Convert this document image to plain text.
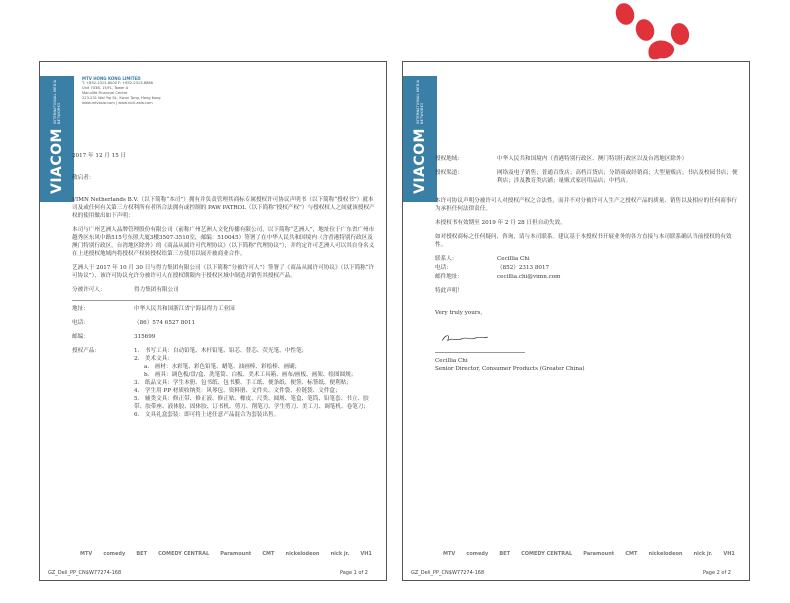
VIACOM
INTERNATIONAL MEDIA NETWORKS
MTV HONG KONG LIMITED
T: +852-2313-8000 F: +852-2313-8888
Unit 703B, 15/FL, Tower A
Manulife Financial Centre
223-231 Wai Yip St., Kwun Tong, Hong Kong
www.mtvasia.com | www.nick-asia.com

2017 年 12 月 15 日

敬启者：

VIMN Netherlands B.V.（以下简称“本司”）拥有并负责管理其商标专属授权许可协议声明书（以下简称“授权书”）就本司及或任何有关第三方权利所有者所合法拥有或控制的 PAW PATROL（以下简称“授权产权”）与授权权人之间就该授权产权的使用做出如下声明：

本司与广州艺洲人品牌管理股份有限公司（前称广州艺洲人文化传播有限公司，以下简称“艺洲人”，地址位于广东省广州市越秀区东风中路515号东照大厦3楼3507-3510室，邮编：510045）签署了在中华人民共和国境内（含香港特别行政区及澳门特别行政区，台湾地区除外）的《商品从属许可代理协议》（以下简称“代理协议”），并约定许可艺洲人可以其自身名义在上述授权地域内将授权产权转授权给第三方使用以展开被商业合作。

艺洲人于 2017 年 10 月 30 日与得力集团有限公司（以下简称“分被许可人”）签署了《商品从属许可协议》（以下简称“许可协议”），该许可协议允许分被许可人在授权期限内于授权区域中制造并销售其授权产品。

分被许可人：	得力集团有限公司
地址：	中华人民共和国浙江省宁海县得力工业园
电话：	（86）574 6527 8011
邮编：	315699
授权产品：	1.　书写工具：自动铅笔、木杆铅笔、铅芯、替芯、荧光笔、中性笔；
2.　美术文具：
a.　画材：水彩笔、彩色铅笔、蜡笔、油画棒、彩绘棒、画刷；
b.　画具：调色板/盘/盒、洗笔筒、白板、美术工具箱、画布/画板、画架、绘图圆规；
3.　纸品文具：学生本册、包书纸、包书膜、手工纸、便条纸、便签、标签纸、便利贴；
4.　学生用 PP 材质收纳类：风琴包、资料册、文件夹、文件袋、拉链袋、文件盒；
5.　辅类文具：修正带、修正液、修正贴、橡皮、尺类、圆规、笔盒、笔筒、铅笔套、书立、胶带、胶带座、液体胶、固体胶、订书机、剪刀、削笔刀、学生剪刀、美工刀、调笔机、卷笔刀；
6.　文具礼盒套装：即可将上述任意产品混合为套装出售。
MTV comedy BET COMEDY CENTRAL Paramount CMT nickelodeon nick jr. VH1
GZ_Deli_PP_CN$W77274-168	Page 1 of 2
VIACOM
INTERNATIONAL MEDIA NETWORKS
授权地域：	中华人民共和国境内（香港特别行政区、澳门特别行政区以及台湾地区除外）
授权渠道：	网络及电子销售；普通百货店；高档百货店；分销商或经销商；大型量贩店；书店及校园书店；便利店；涉及教育类店铺；量贩式家居用品店；中档店。

本许可协议声明分被许可人对授权产权之合法性，而并不对分被许可人生产之授权产品的质量、销售以及相应的任何商事行为承担任何法律责任。

本授权书有效期至 2019 年 2 月 28 日但自动失效。

如对授权商标之任何疑问、咨询，请与本司联系。建议基于本授权书开展业务的各方直接与本司联系确认当前授权的有效性。

联系人：	Cecillia Chi
电话：	（852）2313 8017
邮件地址：	cecillia.chi@vimn.com

特此声明！

Very truly yours,

Cecillia Chi
Senior Director, Consumer Products (Greater China)
MTV comedy BET COMEDY CENTRAL Paramount CMT nickelodeon nick jr. VH1
GZ_Deli_PP_CN$W77274-168	Page 2 of 2
